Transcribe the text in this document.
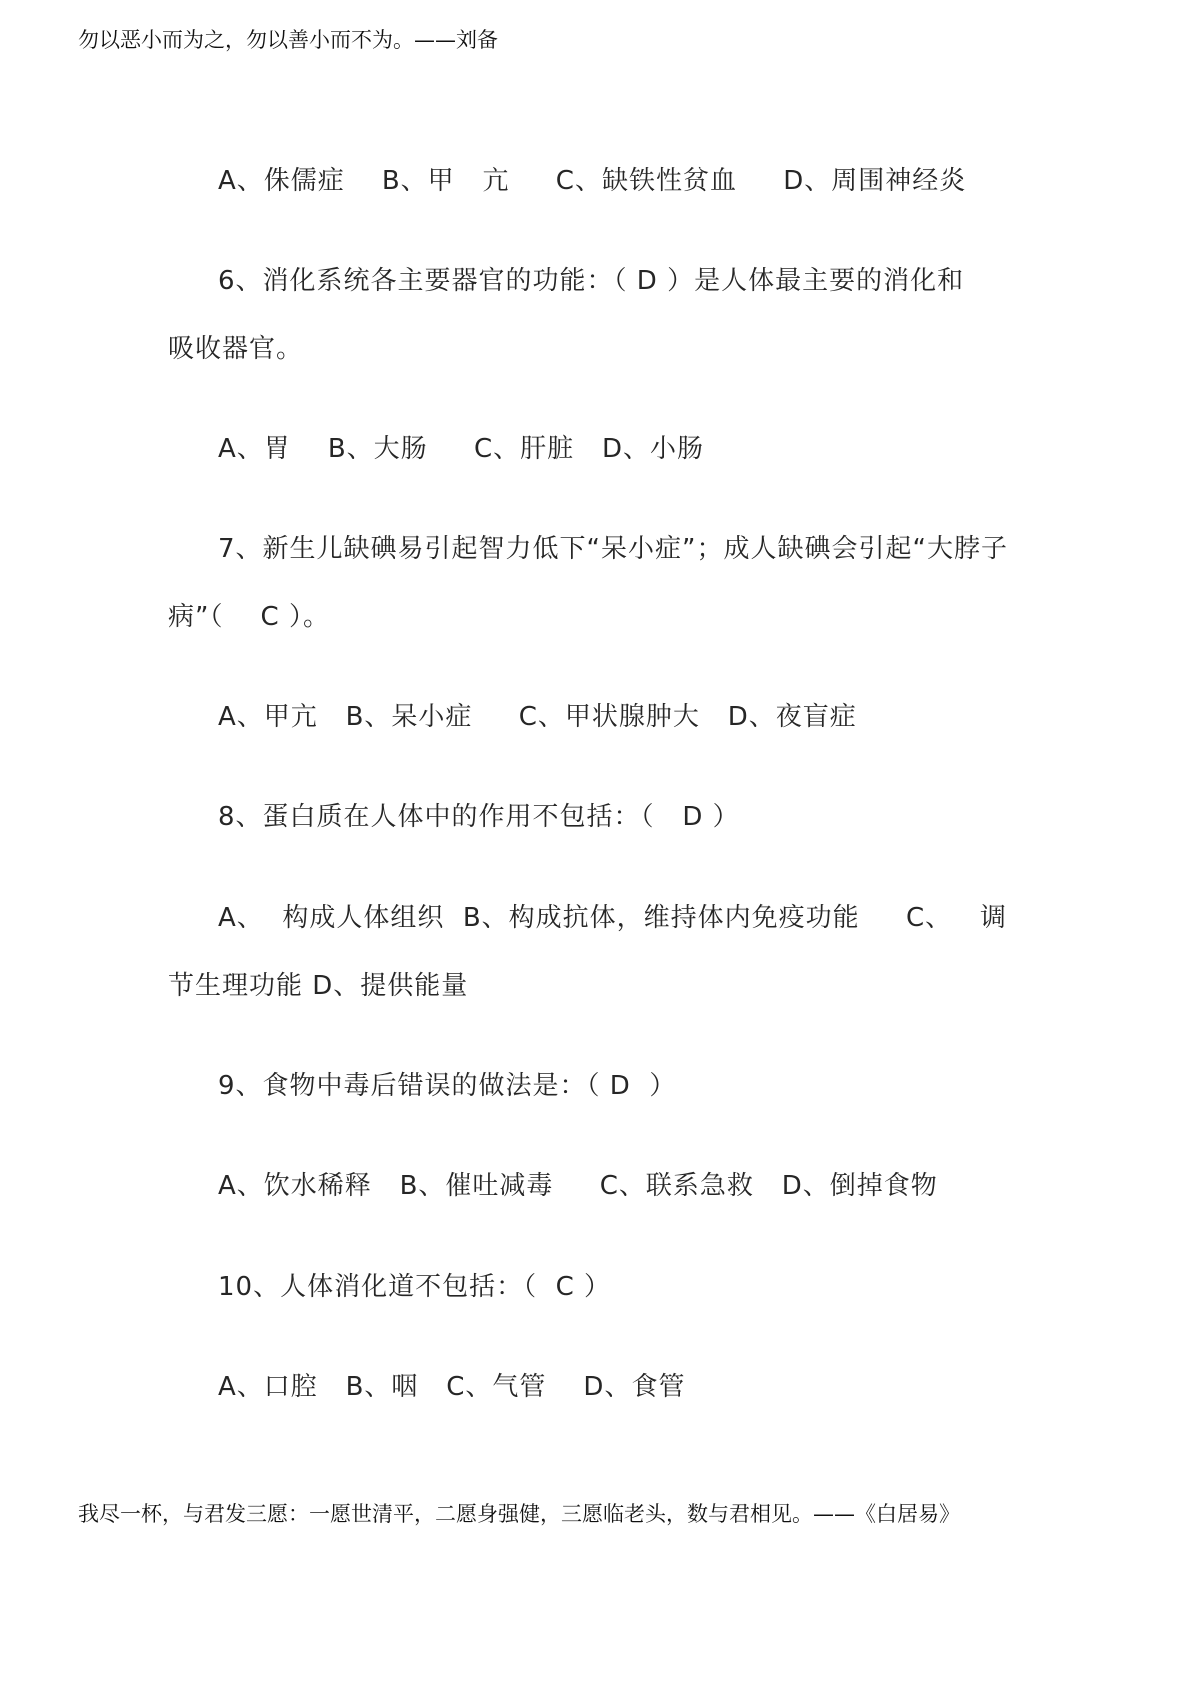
勿以恶小而为之，勿以善小而不为。——刘备
A、侏儒症    B、甲   亢     C、缺铁性贫血     D、周围神经炎
6、消化系统各主要器官的功能：（ D ）是人体最主要的消化和
吸收器官。
A、胃    B、大肠     C、肝脏   D、小肠
7、新生儿缺碘易引起智力低下“呆小症”；成人缺碘会引起“大脖子
病”（    C ）。
A、甲亢   B、呆小症     C、甲状腺肿大   D、夜盲症
8、蛋白质在人体中的作用不包括：（   D ）
A、  构成人体组织  B、构成抗体，维持体内免疫功能     C、   调
节生理功能 D、提供能量
9、食物中毒后错误的做法是：（ D  ）
A、饮水稀释   B、催吐减毒     C、联系急救   D、倒掉食物
10、人体消化道不包括：（  C ）
A、口腔   B、咽   C、气管    D、食管
我尽一杯，与君发三愿：一愿世清平，二愿身强健，三愿临老头，数与君相见。——《白居易》
